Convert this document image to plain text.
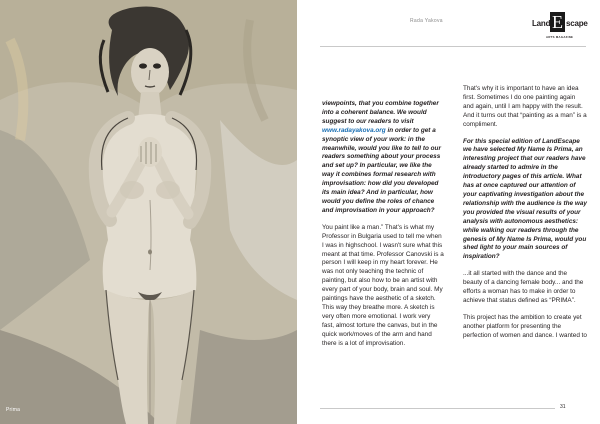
Prima
Rada Yakova	Land E scape
ARTS MAGAZINE

viewpoints, that you combine together into a coherent balance. We would suggest to our readers to visit www.radayakova.org in order to get a synoptic view of your work: in the meanwhile, would you like to tell to our readers something about your process and set up? In particular, we like the way it combines formal research with improvisation: how did you developed its main idea? And in particular, how would you define the roles of chance and improvisation in your approach?

You paint like a man.” That's is what my Professor in Bulgaria used to tell me when I was in highschool. I wasn't sure what this meant at that time. Professor Canovski is a person I will keep in my heart forever. He was not only teaching the technic of painting, but also how to be an artist with every part of your body, brain and soul. My paintings have the aesthetic of a sketch. This way they breathe more. A sketch is very often more emotional. I work very fast, almost torture the canvas, but in the quick work/moves of the arm and hand there is a lot of improvisation.

That's why it is important to have an idea first. Sometimes I do one painting again and again, until I am happy with the result. And it turns out that “painting as a man” is a compliment.

For this special edition of LandEscape we have selected My Name Is Prima, an interesting project that our readers have already started to admire in the introductory pages of this article. What has at once captured our attention of your captivating investigation about the relationship with the audience is the way you provided the visual results of your analysis with autonomous aesthetics: while walking our readers through the genesis of My Name Is Prima, would you shed light to your main sources of inspiration?

...it all started with the dance and the beauty of a dancing female body... and the efforts a woman has to make in order to achieve that status defined as “PRIMA”.

This project has the ambition to create yet another platform for presenting the perfection of women and dance. I wanted to

31
